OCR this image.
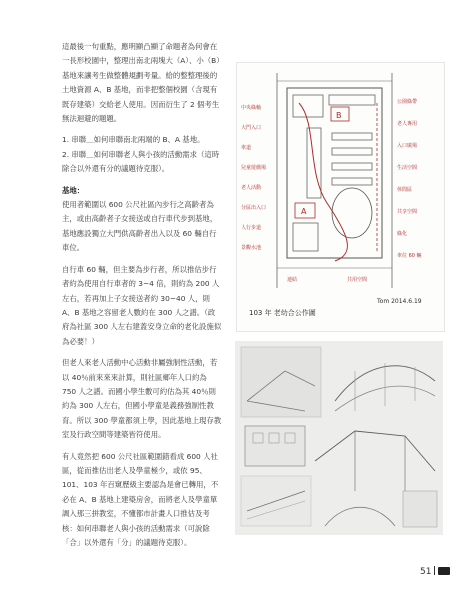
這最後一句重點，應明顯凸顯了命題者為何會在一長形校園中，整理出南北兩塊大（A）、小（B）基地來讓考生做整體規劃考量。給的整整理後的土地資源 A、B 基地，而非把整個校園（含現有既存建築）交給老人使用。因而衍生了 2 個考生無法迴避的題題。

1. 串聯＿如何串聯南北兩端的 B、A 基地。

2. 串聯＿如何串聯老人與小孩的活動需求（這時除合以外還有分的議題待克服）。

基地：

使用者範圍以 600 公尺社區內步行之高齡者為主，或由高齡者子女接送或自行車代步到基地，基地應設獨立大門供高齡者出入以及 60 輛自行車位。

自行車 60 輛，但主要為步行者，所以推估步行者約為使用自行車者的 3~4 倍，則約為 200 人左右，若再加上子女接送者約 30~40 人，則 A、B 基地之容留老人數約在 300 人之譜。（政府為社區 300 人左右建蓋安身立命的老化設施似為必要！）

但老人來老人活動中心活動非屬強制性活動，若以 40％前來來來計算，則社區鄉年人口約為 750 人之譜。而國小學生數可約估為其 40％則約為 300 人左右，但國小學童是義務強制性教育。所以 300 學童都須上學，因此基地上現存教室及行政空間等建築皆符使用。

有人竟然把 600 公尺社區範圍錯看成 600 人社區，從而推估出老人及學童極少，或依 95、101、103 年百窺歷級主要認為是會已轉用，不必在 A、B 基地上建築房舍，而將老人及學童單調入那三拼教室，不懂都市計畫人口推估及考核：如何串聯老人與小孩的活動需求（可說除「合」以外還有「分」的議題待克服）。

A
B
中央綠軸
大門入口
車道
兒童遊戲場
老人活動
分區出入口
人行步道
景觀水池
公園綠帶
老人專用
入口廣場
生活空間
休閒區
共享空間
綠化
車位 60 輛
連結	共用空間
103 年 老幼合公作圖
Tom 2014.6.19
51
